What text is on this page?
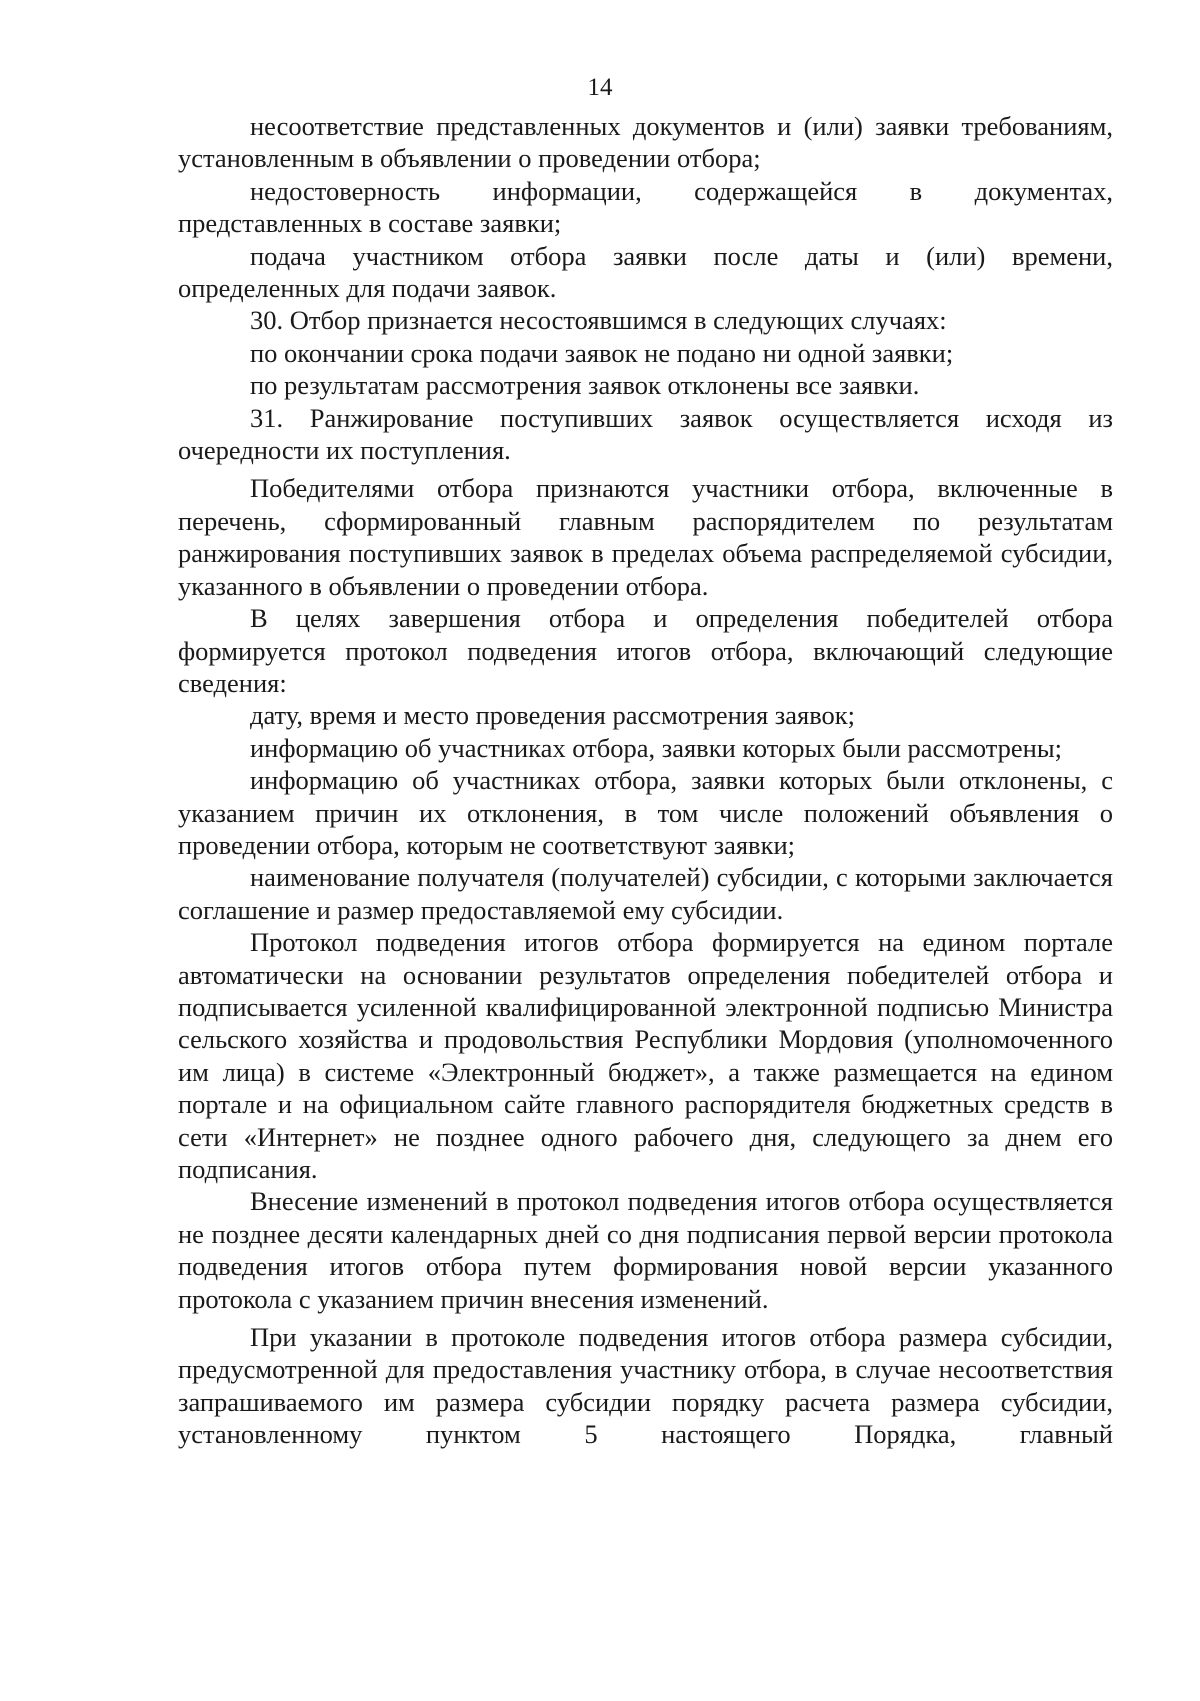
14

несоответствие представленных документов и (или) заявки требованиям, установленным в объявлении о проведении отбора;

недостоверность информации, содержащейся в документах, представленных в составе заявки;

подача участником отбора заявки после даты и (или) времени, определенных для подачи заявок.

30. Отбор признается несостоявшимся в следующих случаях:

по окончании срока подачи заявок не подано ни одной заявки;

по результатам рассмотрения заявок отклонены все заявки.

31. Ранжирование поступивших заявок осуществляется исходя из очередности их поступления.

Победителями отбора признаются участники отбора, включенные в перечень, сформированный главным распорядителем по результатам ранжирования поступивших заявок в пределах объема распределяемой субсидии, указанного в объявлении о проведении отбора.

В целях завершения отбора и определения победителей отбора формируется протокол подведения итогов отбора, включающий следующие сведения:

дату, время и место проведения рассмотрения заявок;

информацию об участниках отбора, заявки которых были рассмотрены;

информацию об участниках отбора, заявки которых были отклонены, с указанием причин их отклонения, в том числе положений объявления о проведении отбора, которым не соответствуют заявки;

наименование получателя (получателей) субсидии, с которыми заключается соглашение и размер предоставляемой ему субсидии.

Протокол подведения итогов отбора формируется на едином портале автоматически на основании результатов определения победителей отбора и подписывается усиленной квалифицированной электронной подписью Министра сельского хозяйства и продовольствия Республики Мордовия (уполномоченного им лица) в системе «Электронный бюджет», а также размещается на едином портале и на официальном сайте главного распорядителя бюджетных средств в сети «Интернет» не позднее одного рабочего дня, следующего за днем его подписания.

Внесение изменений в протокол подведения итогов отбора осуществляется не позднее десяти календарных дней со дня подписания первой версии протокола подведения итогов отбора путем формирования новой версии указанного протокола с указанием причин внесения изменений.

При указании в протоколе подведения итогов отбора размера субсидии, предусмотренной для предоставления участнику отбора, в случае несоответствия запрашиваемого им размера субсидии порядку расчета размера субсидии, установленному пунктом 5 настоящего Порядка, главный
